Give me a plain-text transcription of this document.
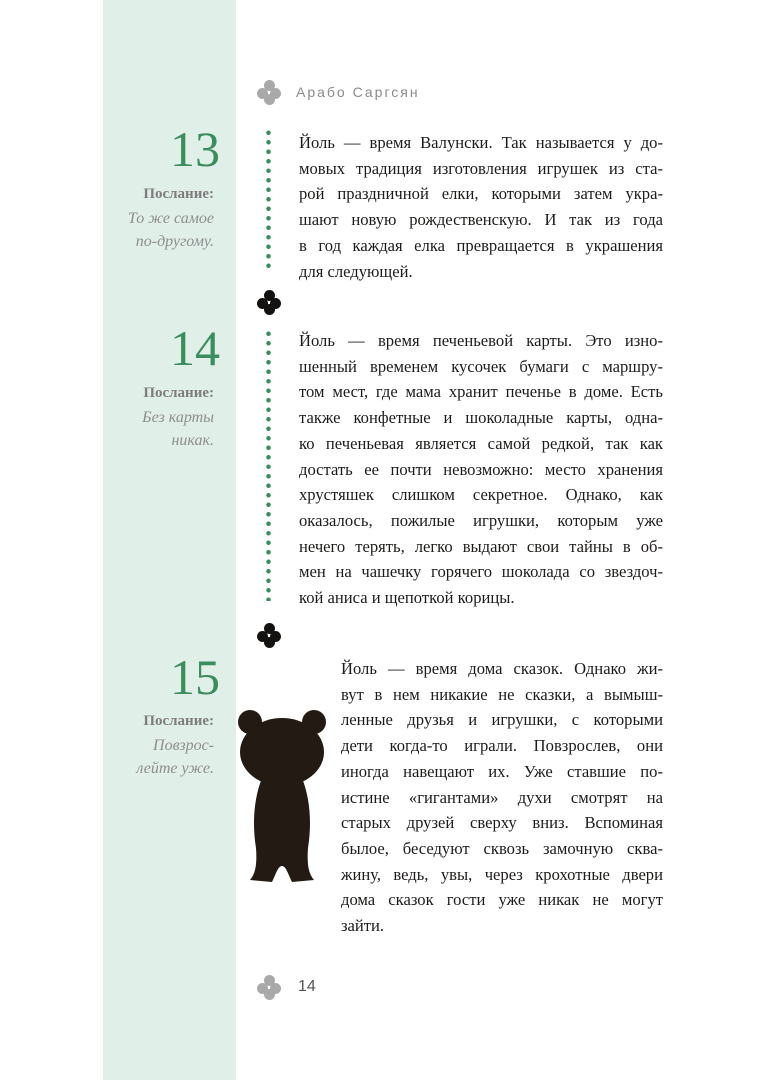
Арабо Саргсян
13
Послание:
То же самое
по-другому.
Йоль — время Валунски. Так называется у до-
мовых традиция изготовления игрушек из ста-
рой праздничной елки, которыми затем укра-
шают новую рождественскую. И так из года
в год каждая елка превращается в украшения
для следующей.
14
Послание:
Без карты
никак.
Йоль — время печеньевой карты. Это изно-
шенный временем кусочек бумаги с маршру-
том мест, где мама хранит печенье в доме. Есть
также конфетные и шоколадные карты, одна-
ко печеньевая является самой редкой, так как
достать ее почти невозможно: место хранения
хрустяшек слишком секретное. Однако, как
оказалось, пожилые игрушки, которым уже
нечего терять, легко выдают свои тайны в об-
мен на чашечку горячего шоколада со звездоч-
кой аниса и щепоткой корицы.
15
Послание:
Повзрос-
лейте уже.
Йоль — время дома сказок. Однако жи-
вут в нем никакие не сказки, а вымыш-
ленные друзья и игрушки, с которыми
дети когда-то играли. Повзрослев, они
иногда навещают их. Уже ставшие по-
истине «гигантами» духи смотрят на
старых друзей сверху вниз. Вспоминая
былое, беседуют сквозь замочную сква-
жину, ведь, увы, через крохотные двери
дома сказок гости уже никак не могут
зайти.
14
